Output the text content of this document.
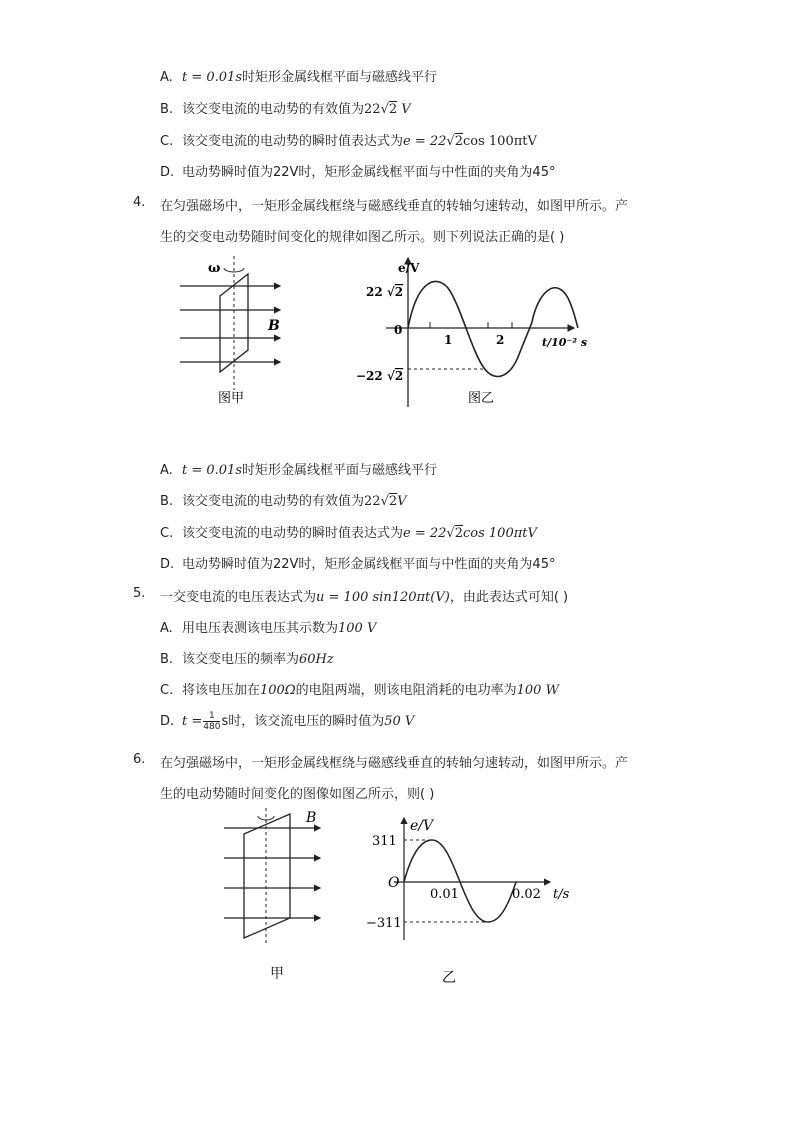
A. t = 0.01s时矩形金属线框平面与磁感线平行
B. 该交变电流的电动势的有效值为22√2 V
C. 该交变电流的电动势的瞬时值表达式为e = 22√2cos 100πtV
D. 电动势瞬时值为22V时，矩形金属线框平面与中性面的夹角为45°
4. 在匀强磁场中，一矩形金属线框绕与磁感线垂直的转轴匀速转动，如图甲所示。产
生的交变电动势随时间变化的规律如图乙所示。则下列说法正确的是( )
ω
B
图甲
e/V
22 √2
−22 √2
0
1	2	t/10⁻² s
图乙
A. t = 0.01s时矩形金属线框平面与磁感线平行
B. 该交变电流的电动势的有效值为22√2V
C. 该交变电流的电动势的瞬时值表达式为e = 22√2cos 100πtV
D. 电动势瞬时值为22V时，矩形金属线框平面与中性面的夹角为45°
5. 一交变电流的电压表达式为u = 100 sin120πt(V)，由此表达式可知( )
A. 用电压表测该电压其示数为100 V
B. 该交变电压的频率为60Hz
C. 将该电压加在100Ω的电阻两端，则该电阻消耗的电功率为100 W
D. $t = \frac{1}{480}$ s时，该交流电压的瞬时值为50 V
6. 在匀强磁场中，一矩形金属线框绕与磁感线垂直的转轴匀速转动，如图甲所示。产
生的电动势随时间变化的图像如图乙所示，则( )
B
甲
e/V
311
−311
O
0.01	0.02 t/s
乙
